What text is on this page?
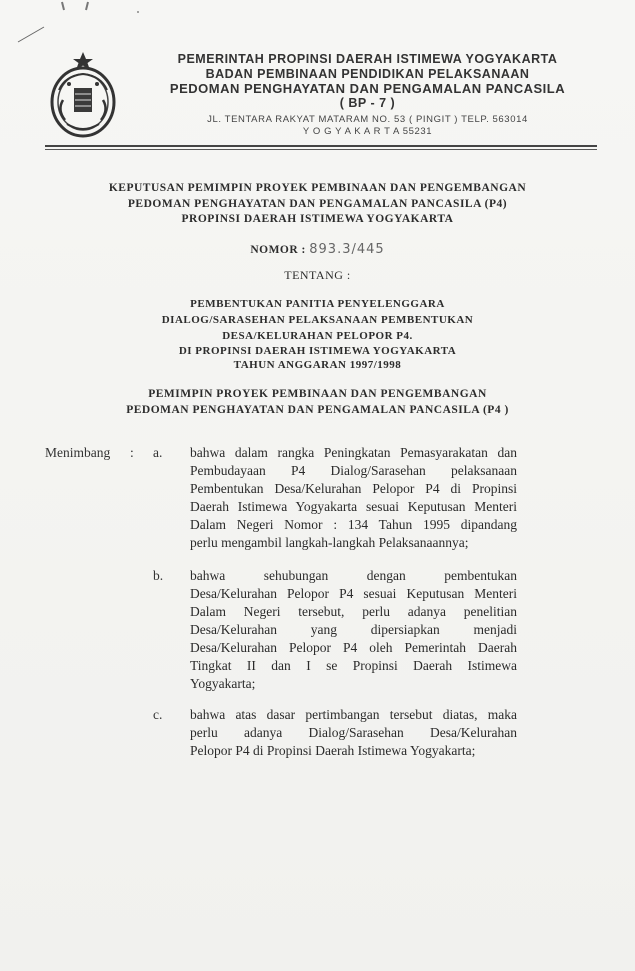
PEMERINTAH PROPINSI DAERAH ISTIMEWA YOGYAKARTA
BADAN PEMBINAAN PENDIDIKAN PELAKSANAAN
PEDOMAN PENGHAYATAN DAN PENGAMALAN PANCASILA
( BP - 7 )
JL. TENTARA RAKYAT MATARAM NO. 53 ( PINGIT ) TELP. 563014
Y O G Y A K A R T A 55231
KEPUTUSAN PEMIMPIN PROYEK PEMBINAAN DAN PENGEMBANGAN
PEDOMAN PENGHAYATAN DAN PENGAMALAN PANCASILA (P4)
PROPINSI DAERAH ISTIMEWA YOGYAKARTA
NOMOR : 893.3/445
TENTANG :
PEMBENTUKAN PANITIA PENYELENGGARA
DIALOG/SARASEHAN PELAKSANAAN PEMBENTUKAN
DESA/KELURAHAN PELOPOR P4.
DI PROPINSI DAERAH ISTIMEWA YOGYAKARTA
TAHUN ANGGARAN 1997/1998
PEMIMPIN PROYEK PEMBINAAN DAN PENGEMBANGAN
PEDOMAN PENGHAYATAN DAN PENGAMALAN PANCASILA (P4 )
Menimbang : a. bahwa dalam rangka Peningkatan Pemasyarakatan dan
Pembudayaan P4 Dialog/Sarasehan pelaksanaan
Pembentukan Desa/Kelurahan Pelopor P4 di Propinsi
Daerah Istimewa Yogyakarta sesuai Keputusan Menteri
Dalam Negeri Nomor : 134 Tahun 1995 dipandang
perlu mengambil langkah-langkah Pelaksanaannya;
b. bahwa sehubungan dengan pembentukan
Desa/Kelurahan Pelopor P4 sesuai Keputusan Menteri
Dalam Negeri tersebut, perlu adanya penelitian
Desa/Kelurahan yang dipersiapkan menjadi
Desa/Kelurahan Pelopor P4 oleh Pemerintah Daerah
Tingkat II dan I se Propinsi Daerah Istimewa
Yogyakarta;
c. bahwa atas dasar pertimbangan tersebut diatas, maka
perlu adanya Dialog/Sarasehan Desa/Kelurahan
Pelopor P4 di Propinsi Daerah Istimewa Yogyakarta;
